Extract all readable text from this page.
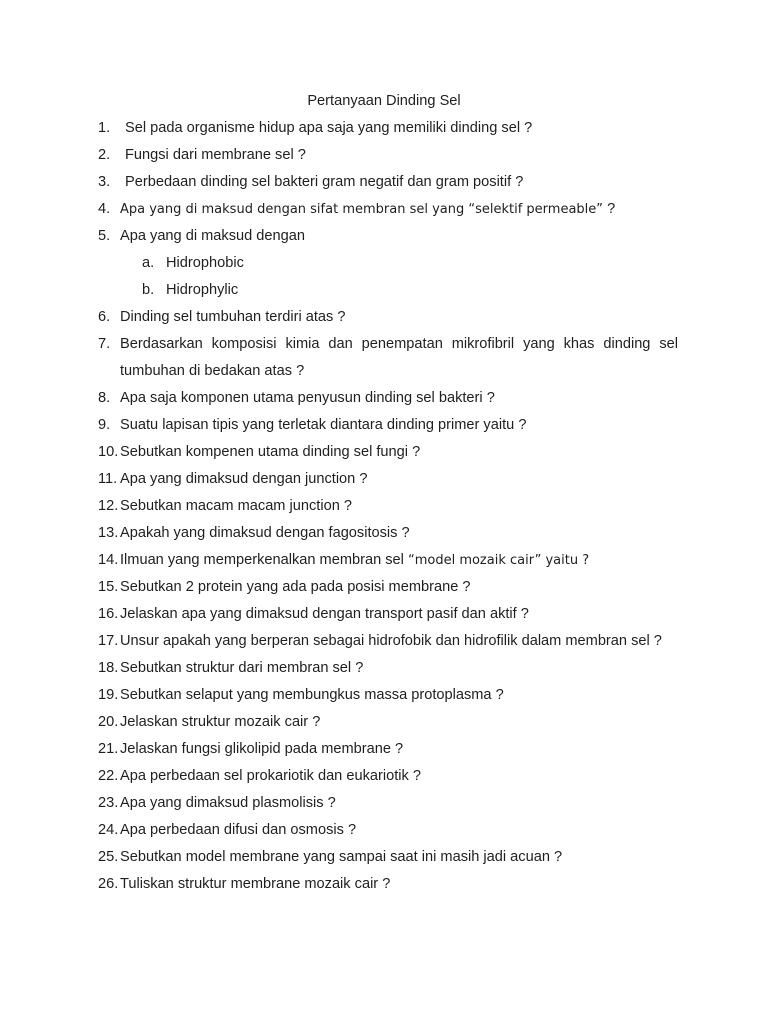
Pertanyaan Dinding Sel
1. Sel pada organisme hidup apa saja yang memiliki dinding sel ?
2. Fungsi dari membrane sel ?
3. Perbedaan dinding sel bakteri gram negatif dan gram positif ?
4. Apa yang di maksud dengan sifat membran sel yang “selektif permeable” ?
5. Apa yang di maksud dengan
a. Hidrophobic
b. Hidrophylic
6. Dinding sel tumbuhan terdiri atas ?
7. Berdasarkan komposisi kimia dan penempatan mikrofibril yang khas dinding sel tumbuhan di bedakan atas ?
8. Apa saja komponen utama penyusun dinding sel bakteri ?
9. Suatu lapisan tipis yang terletak diantara dinding primer yaitu ?
10. Sebutkan kompenen utama dinding sel fungi ?
11. Apa yang dimaksud dengan junction ?
12. Sebutkan macam macam junction ?
13. Apakah yang dimaksud dengan fagositosis ?
14. Ilmuan yang memperkenalkan membran sel “model mozaik cair” yaitu ?
15. Sebutkan 2 protein yang ada pada posisi membrane ?
16. Jelaskan apa yang dimaksud dengan transport pasif dan aktif ?
17. Unsur apakah yang berperan sebagai hidrofobik dan hidrofilik dalam membran sel ?
18. Sebutkan struktur dari membran sel ?
19. Sebutkan selaput yang membungkus massa protoplasma ?
20. Jelaskan struktur mozaik cair ?
21. Jelaskan fungsi glikolipid pada membrane ?
22. Apa perbedaan sel prokariotik dan eukariotik ?
23. Apa yang dimaksud plasmolisis ?
24. Apa perbedaan difusi dan osmosis ?
25. Sebutkan model membrane yang sampai saat ini masih jadi acuan ?
26. Tuliskan struktur membrane mozaik cair ?
